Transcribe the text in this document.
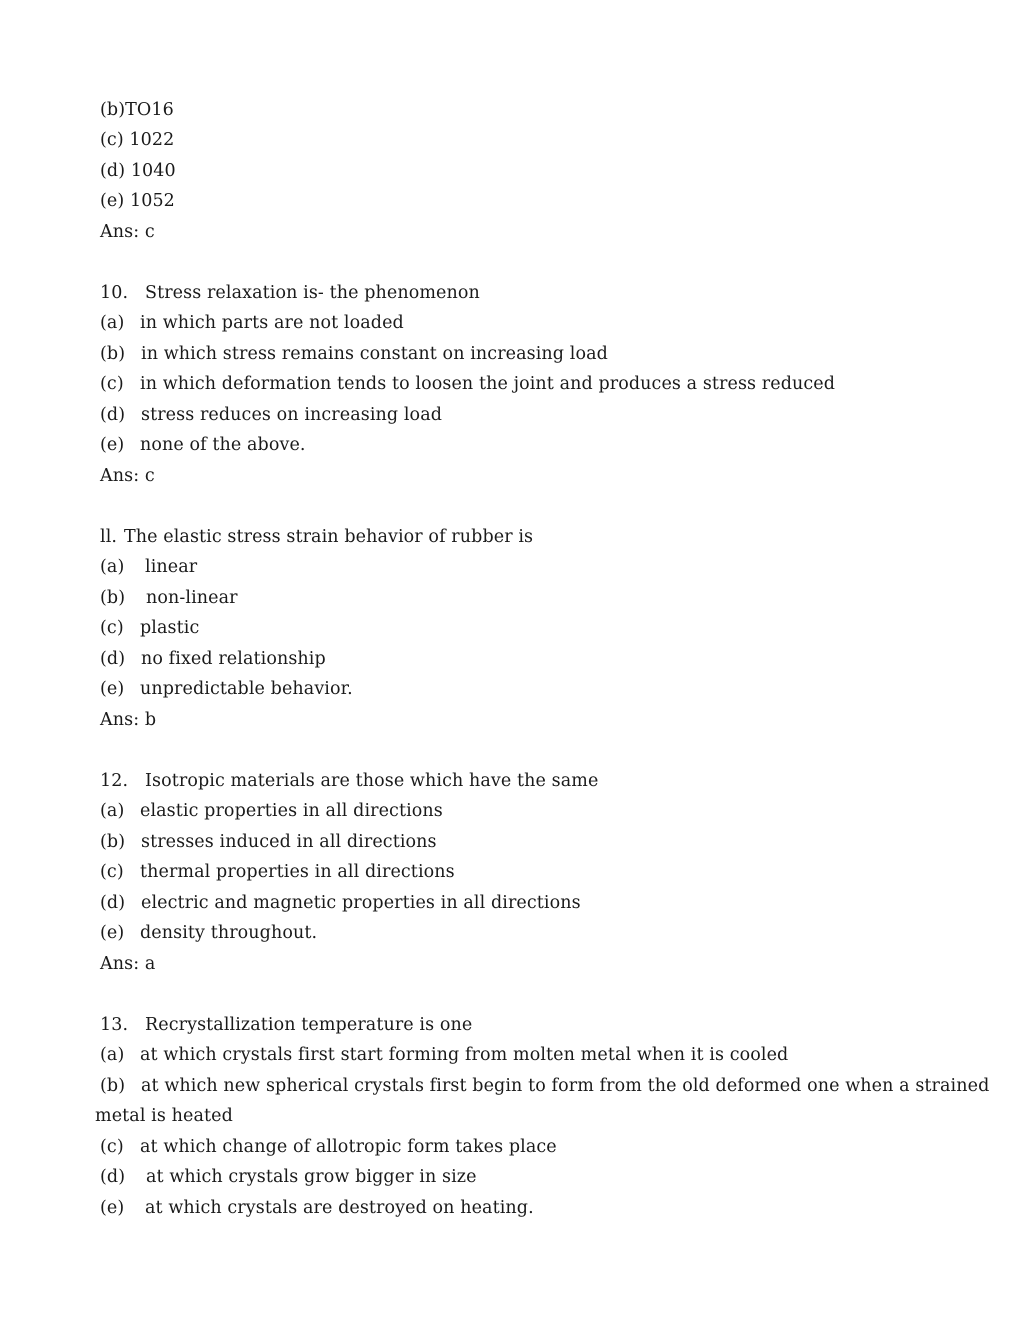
(b)TO16
(c) 1022
(d) 1040
(e) 1052
Ans: c
10. Stress relaxation is- the phenomenon
(a) in which parts are not loaded
(b) in which stress remains constant on increasing load
(c) in which deformation tends to loosen the joint and produces a stress reduced
(d) stress reduces on increasing load
(e) none of the above.
Ans: c
ll. The elastic stress strain behavior of rubber is
(a) linear
(b) non-linear
(c) plastic
(d) no fixed relationship
(e) unpredictable behavior.
Ans: b
12. Isotropic materials are those which have the same
(a) elastic properties in all directions
(b) stresses induced in all directions
(c) thermal properties in all directions
(d) electric and magnetic properties in all directions
(e) density throughout.
Ans: a
13. Recrystallization temperature is one
(a) at which crystals first start forming from molten metal when it is cooled
(b) at which new spherical crystals first begin to form from the old deformed one when a strained
metal is heated
(c) at which change of allotropic form takes place
(d) at which crystals grow bigger in size
(e) at which crystals are destroyed on heating.
